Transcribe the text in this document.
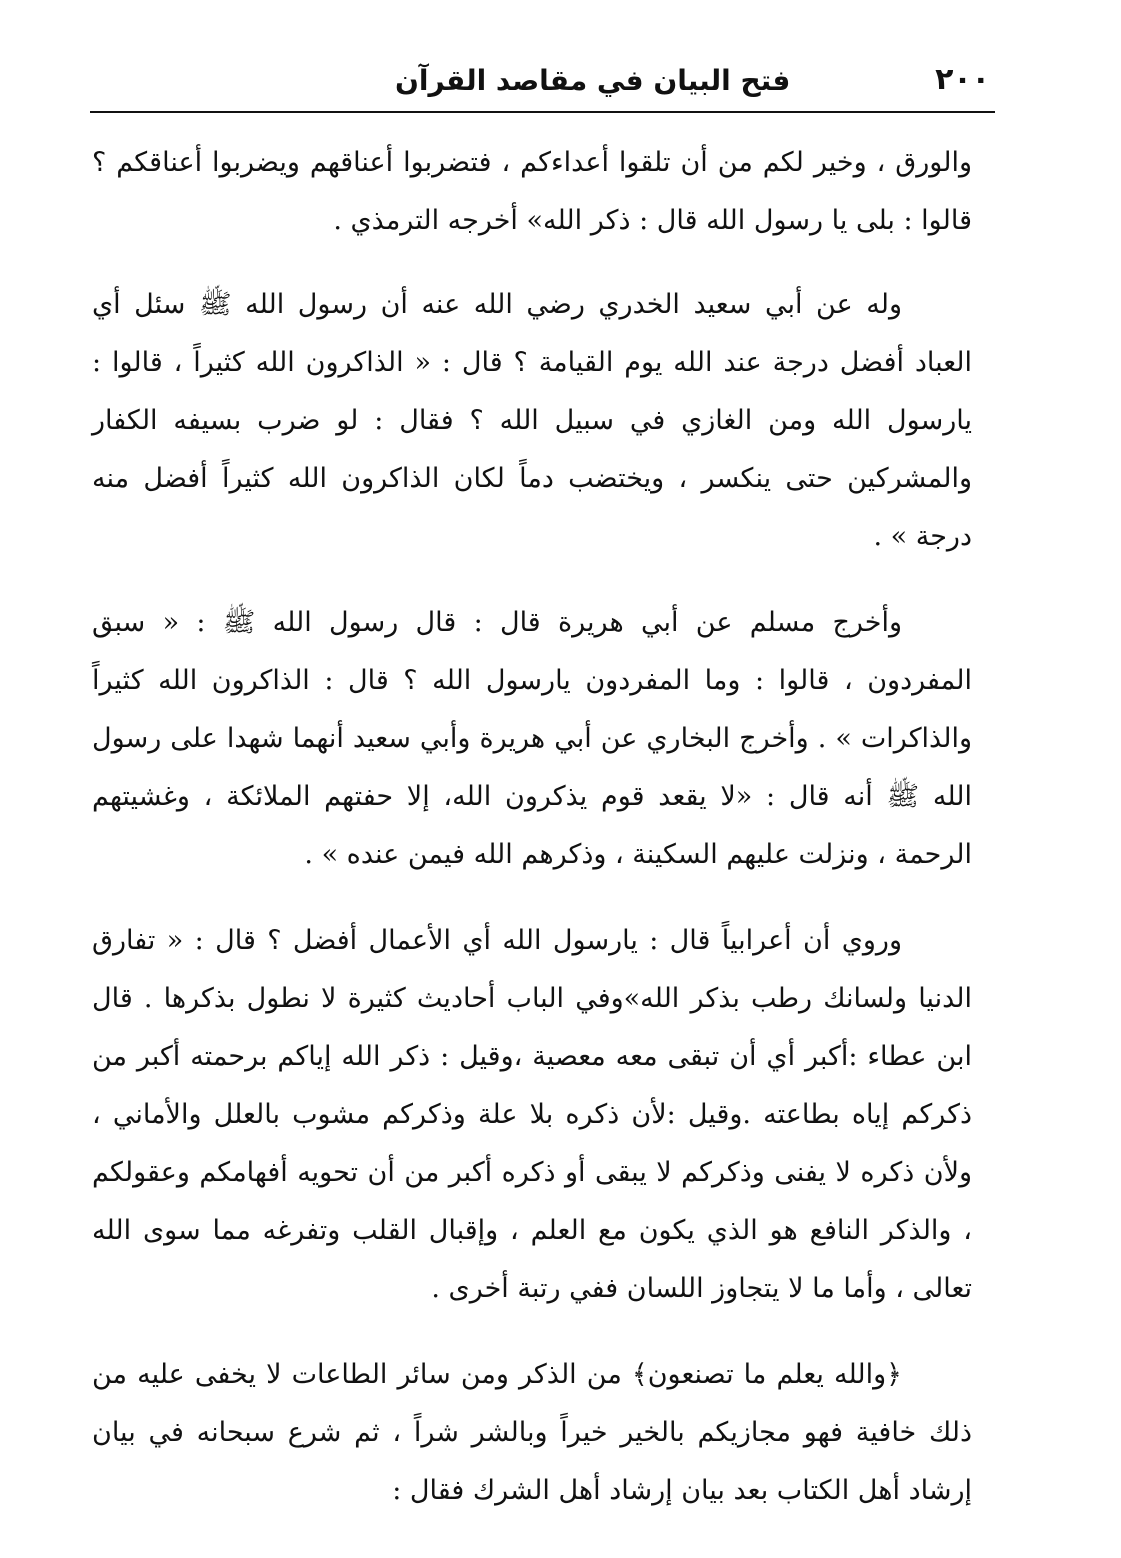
٢٠٠
فتح البيان في مقاصد القرآن

والورق ، وخير لكم من أن تلقوا أعداءكم ، فتضربوا أعناقهم ويضربوا أعناقكم ؟ قالوا : بلى يا رسول الله قال : ذكر الله» أخرجه الترمذي .

وله عن أبي سعيد الخدري رضي الله عنه أن رسول الله ﷺ سئل أي العباد أفضل درجة عند الله يوم القيامة ؟ قال : « الذاكرون الله كثيراً ، قالوا : يارسول الله ومن الغازي في سبيل الله ؟ فقال : لو ضرب بسيفه الكفار والمشركين حتى ينكسر ، ويختضب دماً لكان الذاكرون الله كثيراً أفضل منه درجة » .

وأخرج مسلم عن أبي هريرة قال : قال رسول الله ﷺ : « سبق المفردون ، قالوا : وما المفردون يارسول الله ؟ قال : الذاكرون الله كثيراً والذاكرات » . وأخرج البخاري عن أبي هريرة وأبي سعيد أنهما شهدا على رسول الله ﷺ أنه قال : «لا يقعد قوم يذكرون الله، إلا حفتهم الملائكة ، وغشيتهم الرحمة ، ونزلت عليهم السكينة ، وذكرهم الله فيمن عنده » .

وروي أن أعرابياً قال : يارسول الله أي الأعمال أفضل ؟ قال : « تفارق الدنيا ولسانك رطب بذكر الله»وفي الباب أحاديث كثيرة لا نطول بذكرها . قال ابن عطاء :أكبر أي أن تبقى معه معصية ،وقيل : ذكر الله إياكم برحمته أكبر من ذكركم إياه بطاعته .وقيل :لأن ذكره بلا علة وذكركم مشوب بالعلل والأماني ، ولأن ذكره لا يفنى وذكركم لا يبقى أو ذكره أكبر من أن تحويه أفهامكم وعقولكم ، والذكر النافع هو الذي يكون مع العلم ، وإقبال القلب وتفرغه مما سوى الله تعالى ، وأما ما لا يتجاوز اللسان ففي رتبة أخرى .

﴿والله يعلم ما تصنعون﴾ من الذكر ومن سائر الطاعات لا يخفى عليه من ذلك خافية فهو مجازيكم بالخير خيراً وبالشر شراً ، ثم شرع سبحانه في بيان إرشاد أهل الكتاب بعد بيان إرشاد أهل الشرك فقال :
